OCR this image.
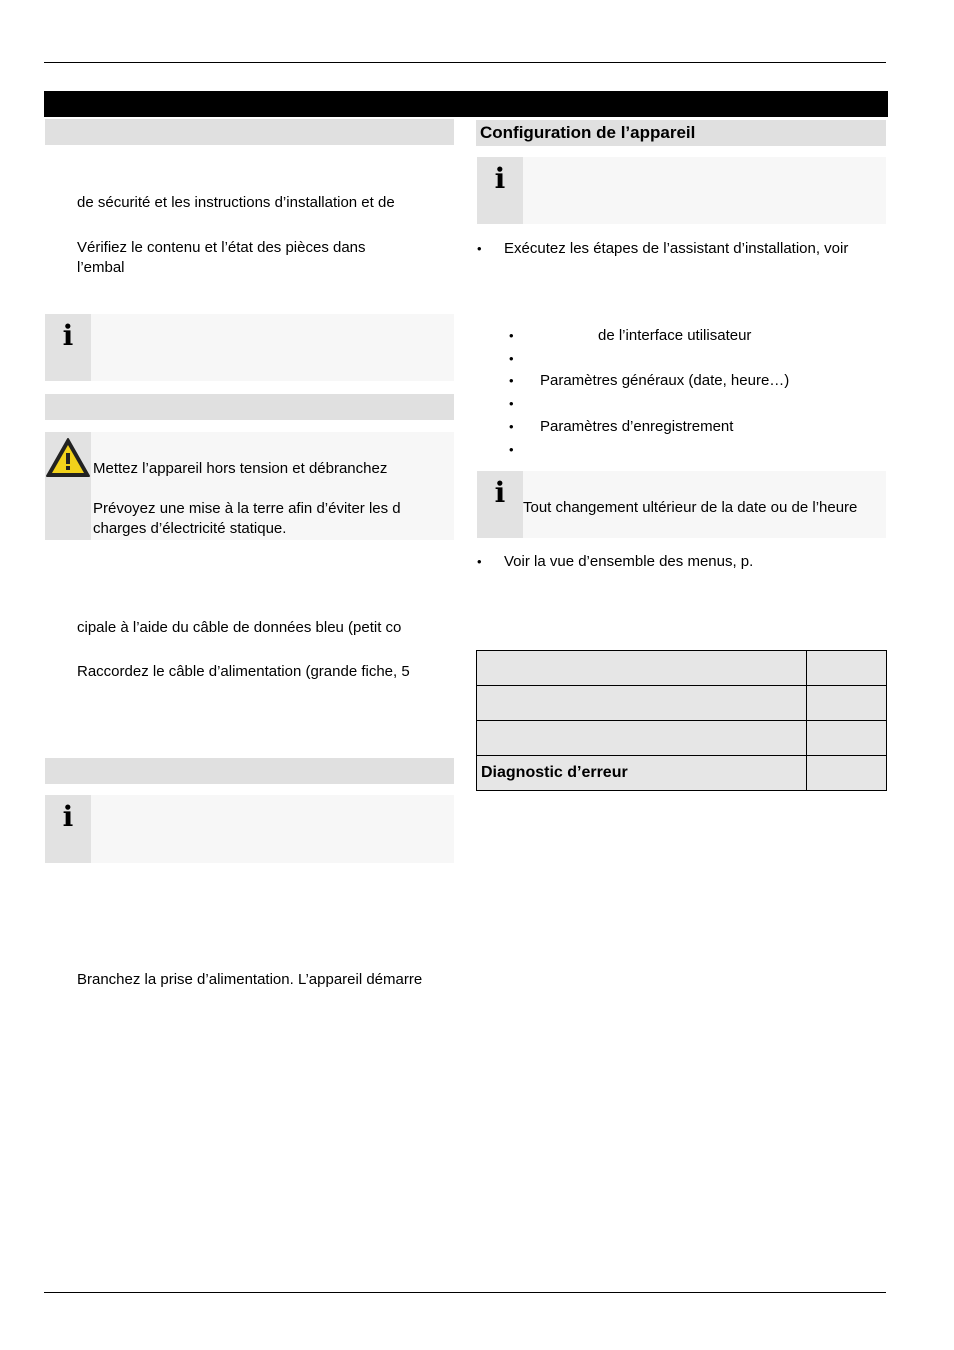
de sécurité et les instructions d’installation et de
Vérifiez le contenu et l’état des pièces dans
l’embal
i
Mettez l’appareil hors tension et débranchez
Prévoyez une mise à la terre afin d’éviter les d
charges d’électricité statique.
cipale à l’aide du câble de données bleu (petit co
Raccordez le câble d’alimentation (grande fiche, 5
i
Branchez la prise d’alimentation. L’appareil démarre
Configuration de l’appareil
i
• Exécutez les étapes de l’assistant d’installation, voir
•	de l’interface utilisateur
•
• Paramètres généraux (date, heure…)
•
• Paramètres d’enregistrement
•
i	Tout changement ultérieur de la date ou de l’heure
• Voir la vue d’ensemble des menus, p.

Diagnostic d’erreur	
